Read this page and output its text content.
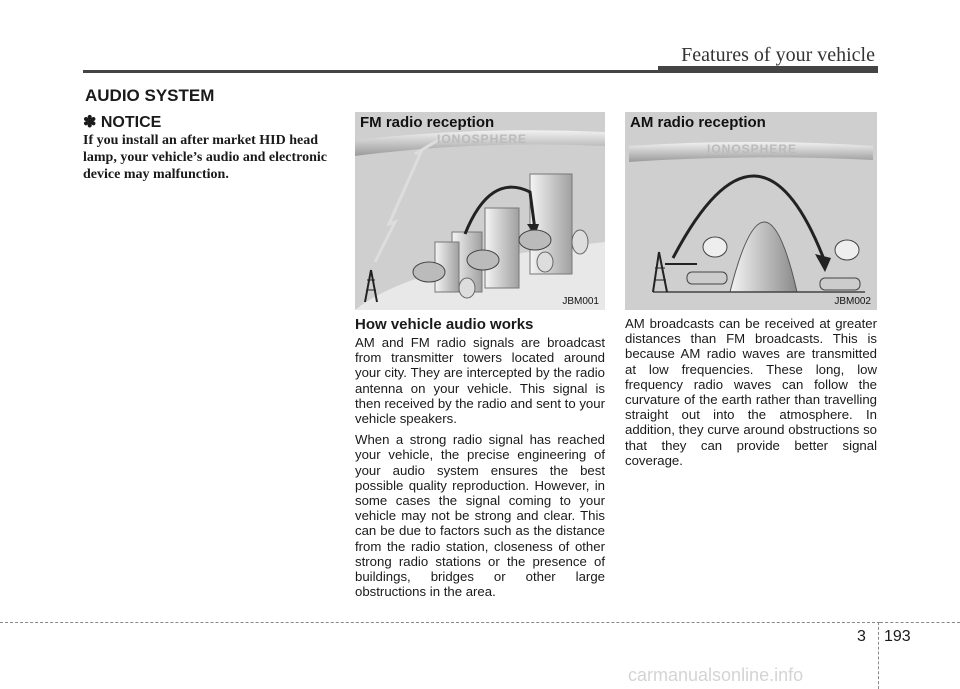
Features of your vehicle
AUDIO SYSTEM
✽ NOTICE
If you install an after market HID head lamp, your vehicle’s audio and electronic device may malfunction.
FM radio reception
IONOSPHERE
JBM001
AM radio reception
IONOSPHERE
JBM002
How vehicle audio works

AM and FM radio signals are broadcast from transmitter towers located around your city. They are intercepted by the radio antenna on your vehicle. This signal is then received by the radio and sent to your vehicle speakers.

When a strong radio signal has reached your vehicle, the precise engineering of your audio system ensures the best possible quality reproduction. However, in some cases the signal coming to your vehicle may not be strong and clear. This can be due to factors such as the distance from the radio station, closeness of other strong radio stations or the presence of buildings, bridges or other large obstructions in the area.

AM broadcasts can be received at greater distances than FM broadcasts. This is because AM radio waves are transmitted at low frequencies. These long, low frequency radio waves can follow the curvature of the earth rather than travelling straight out into the atmosphere. In addition, they curve around obstructions so that they can provide better signal coverage.

3 193
carmanualsonline.info
